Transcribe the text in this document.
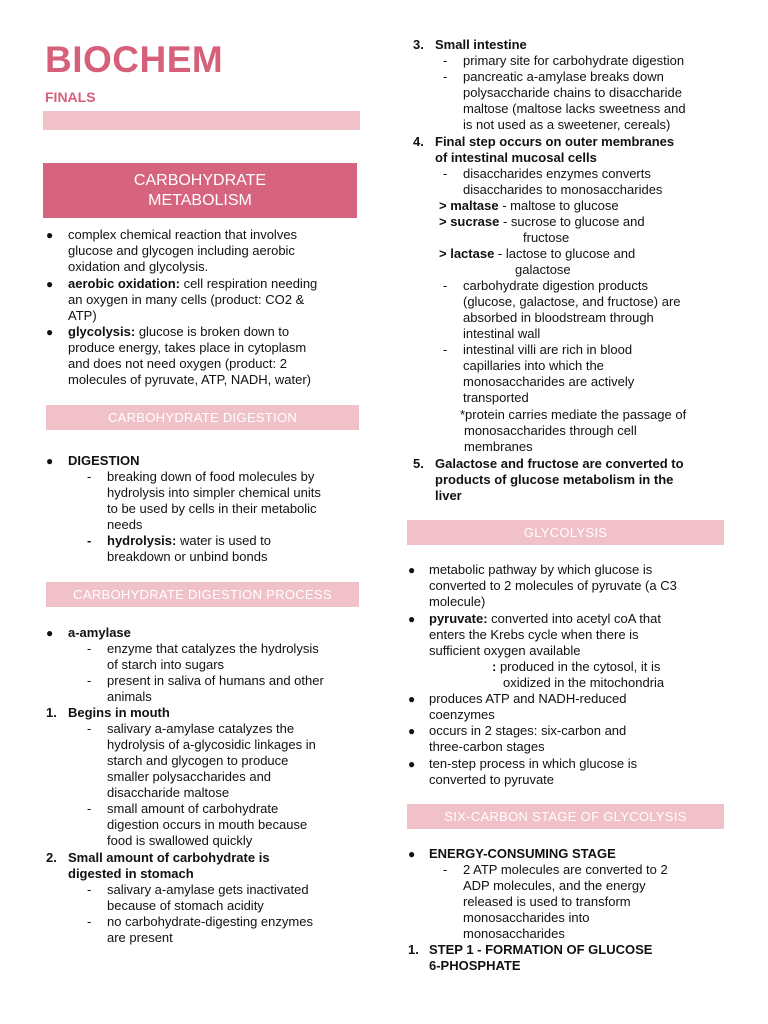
BIOCHEM
FINALS
CARBOHYDRATE
METABOLISM
● complex chemical reaction that involves
glucose and glycogen including aerobic
oxidation and glycolysis.
● aerobic oxidation: cell respiration needing
an oxygen in many cells (product: CO2 &
ATP)
● glycolysis: glucose is broken down to
produce energy, takes place in cytoplasm
and does not need oxygen (product: 2
molecules of pyruvate, ATP, NADH, water)
CARBOHYDRATE DIGESTION
● DIGESTION
- breaking down of food molecules by
hydrolysis into simpler chemical units
to be used by cells in their metabolic
needs
- hydrolysis: water is used to
breakdown or unbind bonds
CARBOHYDRATE DIGESTION PROCESS
● a-amylase
- enzyme that catalyzes the hydrolysis
of starch into sugars
- present in saliva of humans and other
animals
1. Begins in mouth
- salivary a-amylase catalyzes the
hydrolysis of a-glycosidic linkages in
starch and glycogen to produce
smaller polysaccharides and
disaccharide maltose
- small amount of carbohydrate
digestion occurs in mouth because
food is swallowed quickly
2. Small amount of carbohydrate is
digested in stomach
- salivary a-amylase gets inactivated
because of stomach acidity
- no carbohydrate-digesting enzymes
are present
3. Small intestine
- primary site for carbohydrate digestion
- pancreatic a-amylase breaks down
polysaccharide chains to disaccharide
maltose (maltose lacks sweetness and
is not used as a sweetener, cereals)
4. Final step occurs on outer membranes
of intestinal mucosal cells
- disaccharides enzymes converts
disaccharides to monosaccharides
> maltase - maltose to glucose
> sucrase - sucrose to glucose and
fructose
> lactase - lactose to glucose and
galactose
- carbohydrate digestion products
(glucose, galactose, and fructose) are
absorbed in bloodstream through
intestinal wall
- intestinal villi are rich in blood
capillaries into which the
monosaccharides are actively
transported
*protein carries mediate the passage of
monosaccharides through cell
membranes
5. Galactose and fructose are converted to
products of glucose metabolism in the
liver
GLYCOLYSIS
● metabolic pathway by which glucose is
converted to 2 molecules of pyruvate (a C3
molecule)
● pyruvate: converted into acetyl coA that
enters the Krebs cycle when there is
sufficient oxygen available
: produced in the cytosol, it is
oxidized in the mitochondria
● produces ATP and NADH-reduced
coenzymes
● occurs in 2 stages: six-carbon and
three-carbon stages
● ten-step process in which glucose is
converted to pyruvate
SIX-CARBON STAGE OF GLYCOLYSIS
● ENERGY-CONSUMING STAGE
- 2 ATP molecules are converted to 2
ADP molecules, and the energy
released is used to transform
monosaccharides into
monosaccharides
1. STEP 1 - FORMATION OF GLUCOSE
6-PHOSPHATE
